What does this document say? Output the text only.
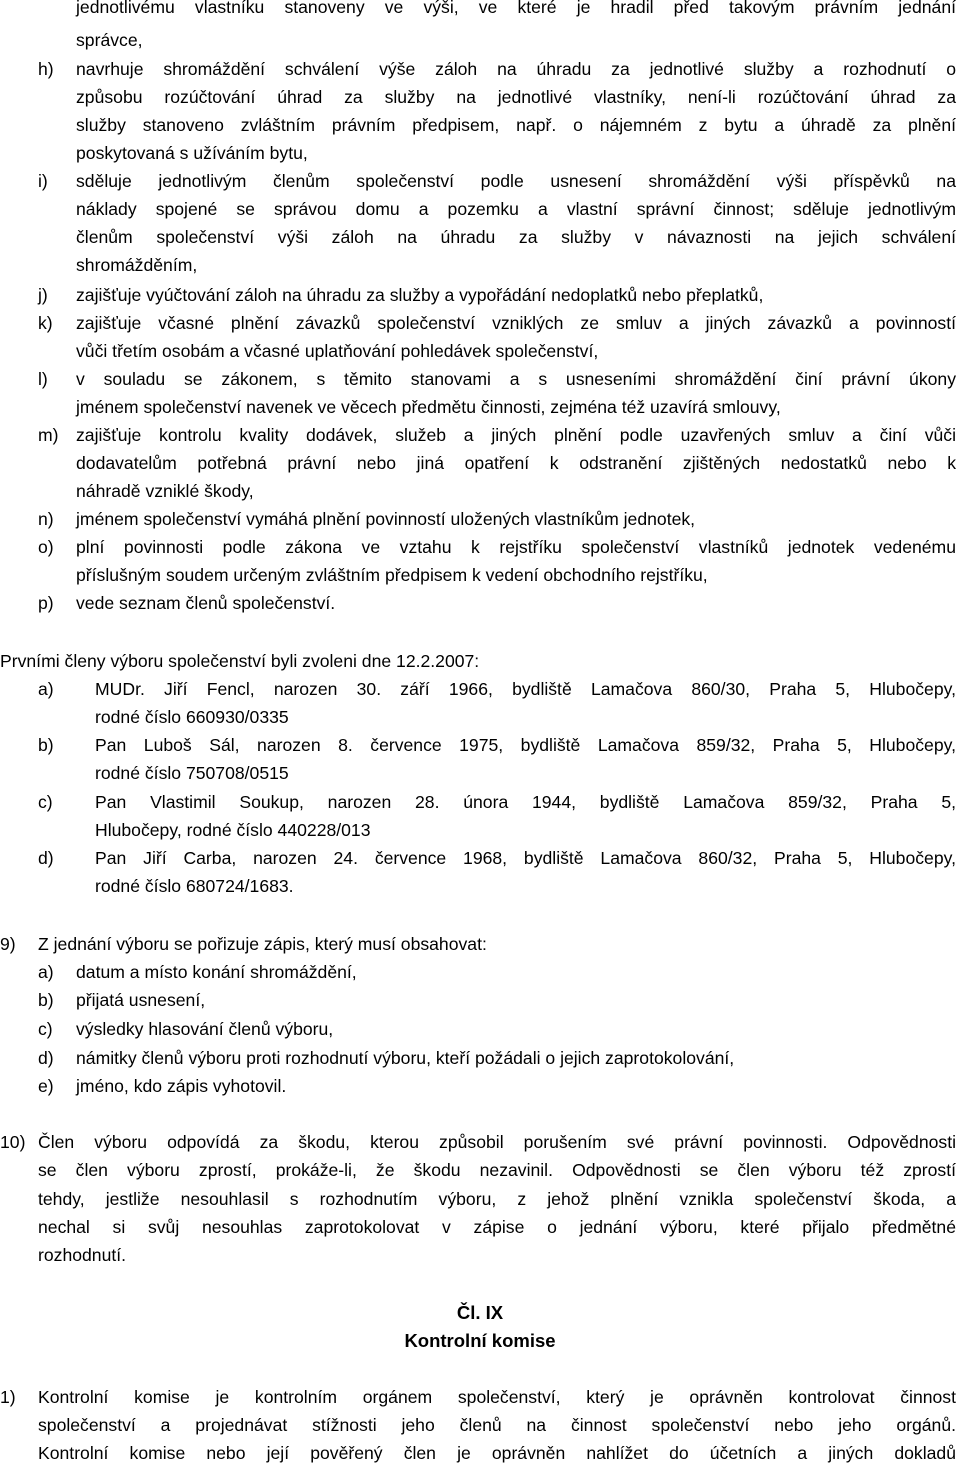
jednotlivému vlastníku stanoveny ve výši, ve které je hradil před takovým právním jednání
správce,
h) navrhuje shromáždění schválení výše záloh na úhradu za jednotlivé služby a rozhodnutí o
způsobu rozúčtování úhrad za služby na jednotlivé vlastníky, není-li rozúčtování úhrad za
služby stanoveno zvláštním právním předpisem, např. o nájemném z bytu a úhradě za plnění
poskytovaná s užíváním bytu,
i) sděluje jednotlivým členům společenství podle usnesení shromáždění výši příspěvků na
náklady spojené se správou domu a pozemku a vlastní správní činnost; sděluje jednotlivým
členům společenství výši záloh na úhradu za služby v návaznosti na jejich schválení
shromážděním,
j) zajišťuje vyúčtování záloh na úhradu za služby a vypořádání nedoplatků nebo přeplatků,
k) zajišťuje včasné plnění závazků společenství vzniklých ze smluv a jiných závazků a povinností
vůči třetím osobám a včasné uplatňování pohledávek společenství,
l) v souladu se zákonem, s těmito stanovami a s usneseními shromáždění činí právní úkony
jménem společenství navenek ve věcech předmětu činnosti, zejména též uzavírá smlouvy,
m) zajišťuje kontrolu kvality dodávek, služeb a jiných plnění podle uzavřených smluv a činí vůči
dodavatelům potřebná právní nebo jiná opatření k odstranění zjištěných nedostatků nebo k
náhradě vzniklé škody,
n) jménem společenství vymáhá plnění povinností uložených vlastníkům jednotek,
o) plní povinnosti podle zákona ve vztahu k rejstříku společenství vlastníků jednotek vedenému
příslušným soudem určeným zvláštním předpisem k vedení obchodního rejstříku,
p) vede seznam členů společenství.
Prvními členy výboru společenství byli zvoleni dne 12.2.2007:
a) MUDr. Jiří Fencl, narozen 30. září 1966, bydliště Lamačova 860/30, Praha 5, Hlubočepy,
rodné číslo 660930/0335
b) Pan Luboš Sál, narozen 8. července 1975, bydliště Lamačova 859/32, Praha 5, Hlubočepy,
rodné číslo 750708/0515
c) Pan Vlastimil Soukup, narozen 28. února 1944, bydliště Lamačova 859/32, Praha 5,
Hlubočepy, rodné číslo 440228/013
d) Pan Jiří Carba, narozen 24. července 1968, bydliště Lamačova 860/32, Praha 5, Hlubočepy,
rodné číslo 680724/1683.
9) Z jednání výboru se pořizuje zápis, který musí obsahovat:
a) datum a místo konání shromáždění,
b) přijatá usnesení,
c) výsledky hlasování členů výboru,
d) námitky členů výboru proti rozhodnutí výboru, kteří požádali o jejich zaprotokolování,
e) jméno, kdo zápis vyhotovil.
10) Člen výboru odpovídá za škodu, kterou způsobil porušením své právní povinnosti. Odpovědnosti
se člen výboru zprostí, prokáže-li, že škodu nezavinil. Odpovědnosti se člen výboru též zprostí
tehdy, jestliže nesouhlasil s rozhodnutím výboru, z jehož plnění vznikla společenství škoda, a
nechal si svůj nesouhlas zaprotokolovat v zápise o jednání výboru, které přijalo předmětné
rozhodnutí.
Čl. IX
Kontrolní komise
1) Kontrolní komise je kontrolním orgánem společenství, který je oprávněn kontrolovat činnost
společenství a projednávat stížnosti jeho členů na činnost společenství nebo jeho orgánů.
Kontrolní komise nebo její pověřený člen je oprávněn nahlížet do účetních a jiných dokladů
